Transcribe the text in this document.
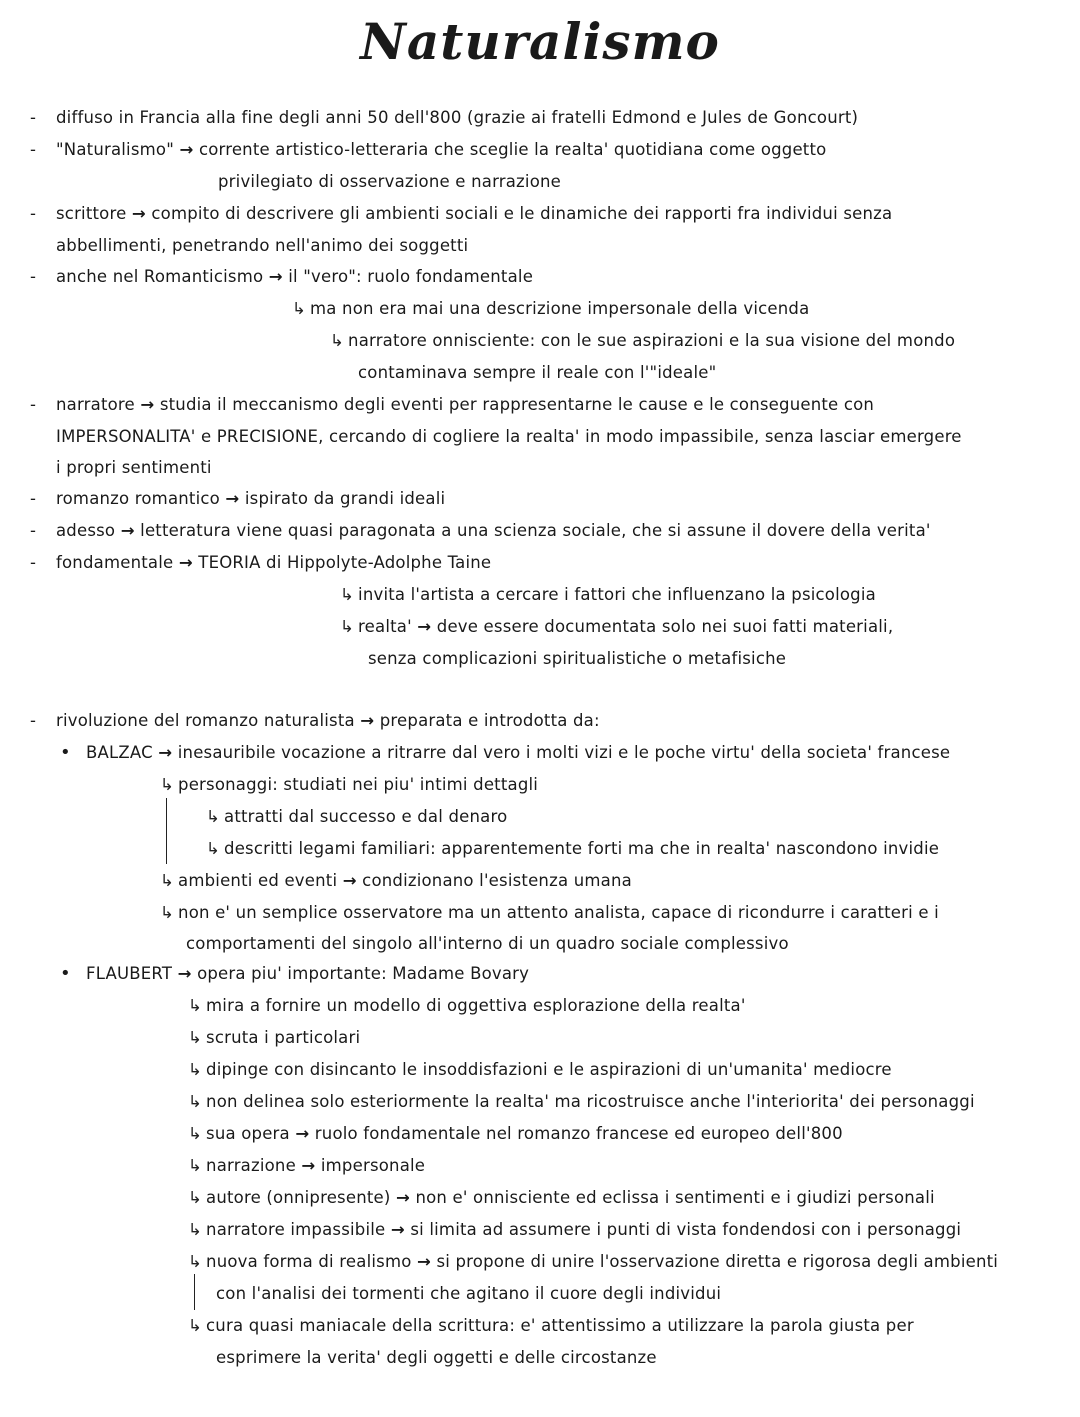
Naturalismo
-
-
-
-
-
-
-
-
-
•
•
diffuso in Francia alla fine degli anni 50 dell'800 (grazie ai fratelli Edmond e Jules de Goncourt)
"Naturalismo" → corrente artistico-letteraria che sceglie la realta' quotidiana come oggetto
privilegiato di osservazione e narrazione
scrittore → compito di descrivere gli ambienti sociali e le dinamiche dei rapporti fra individui senza
abbellimenti, penetrando nell'animo dei soggetti
anche nel Romanticismo → il "vero": ruolo fondamentale
↳ ma non era mai una descrizione impersonale della vicenda
↳ narratore onnisciente: con le sue aspirazioni e la sua visione del mondo
contaminava sempre il reale con l'"ideale"
narratore → studia il meccanismo degli eventi per rappresentarne le cause e le conseguente con
IMPERSONALITA' e PRECISIONE, cercando di cogliere la realta' in modo impassibile, senza lasciar emergere
i propri sentimenti
romanzo romantico → ispirato da grandi ideali
adesso → letteratura viene quasi paragonata a una scienza sociale, che si assune il dovere della verita'
fondamentale → TEORIA di Hippolyte-Adolphe Taine
↳ invita l'artista a cercare i fattori che influenzano la psicologia
↳ realta' → deve essere documentata solo nei suoi fatti materiali,
senza complicazioni spiritualistiche o metafisiche
rivoluzione del romanzo naturalista → preparata e introdotta da:
BALZAC → inesauribile vocazione a ritrarre dal vero i molti vizi e le poche virtu' della societa' francese
↳ personaggi: studiati nei piu' intimi dettagli
↳ attratti dal successo e dal denaro
↳ descritti legami familiari: apparentemente forti ma che in realta' nascondono invidie
↳ ambienti ed eventi → condizionano l'esistenza umana
↳ non e' un semplice osservatore ma un attento analista, capace di ricondurre i caratteri e i
comportamenti del singolo all'interno di un quadro sociale complessivo
FLAUBERT → opera piu' importante: Madame Bovary
↳ mira a fornire un modello di oggettiva esplorazione della realta'
↳ scruta i particolari
↳ dipinge con disincanto le insoddisfazioni e le aspirazioni di un'umanita' mediocre
↳ non delinea solo esteriormente la realta' ma ricostruisce anche l'interiorita' dei personaggi
↳ sua opera → ruolo fondamentale nel romanzo francese ed europeo dell'800
↳ narrazione → impersonale
↳ autore (onnipresente) → non e' onnisciente ed eclissa i sentimenti e i giudizi personali
↳ narratore impassibile → si limita ad assumere i punti di vista fondendosi con i personaggi
↳ nuova forma di realismo → si propone di unire l'osservazione diretta e rigorosa degli ambienti
con l'analisi dei tormenti che agitano il cuore degli individui
↳ cura quasi maniacale della scrittura: e' attentissimo a utilizzare la parola giusta per
esprimere la verita' degli oggetti e delle circostanze
